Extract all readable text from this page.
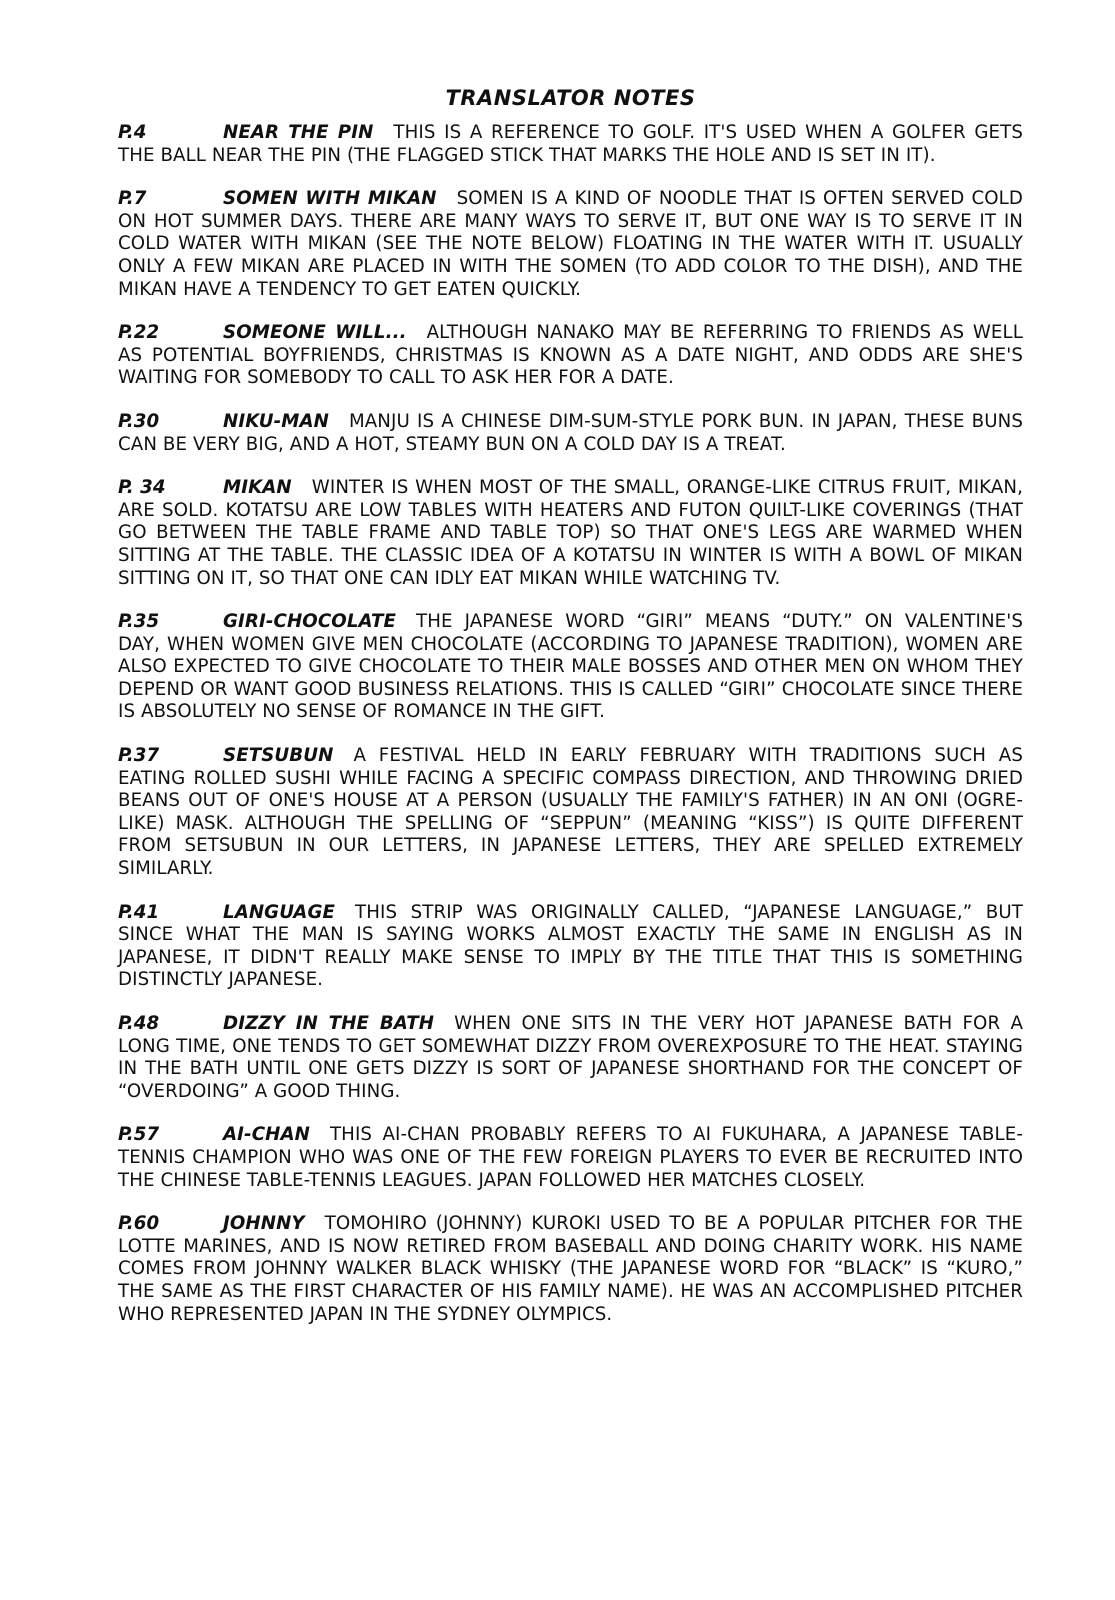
TRANSLATOR NOTES
P.4	NEAR THE PIN THIS IS A REFERENCE TO GOLF. IT'S USED WHEN A GOLFER GETS THE BALL NEAR THE PIN (THE FLAGGED STICK THAT MARKS THE HOLE AND IS SET IN IT).
P.7	SOMEN WITH MIKAN SOMEN IS A KIND OF NOODLE THAT IS OFTEN SERVED COLD ON HOT SUMMER DAYS. THERE ARE MANY WAYS TO SERVE IT, BUT ONE WAY IS TO SERVE IT IN COLD WATER WITH MIKAN (SEE THE NOTE BELOW) FLOATING IN THE WATER WITH IT. USUALLY ONLY A FEW MIKAN ARE PLACED IN WITH THE SOMEN (TO ADD COLOR TO THE DISH), AND THE MIKAN HAVE A TENDENCY TO GET EATEN QUICKLY.
P.22	SOMEONE WILL... ALTHOUGH NANAKO MAY BE REFERRING TO FRIENDS AS WELL AS POTENTIAL BOYFRIENDS, CHRISTMAS IS KNOWN AS A DATE NIGHT, AND ODDS ARE SHE'S WAITING FOR SOMEBODY TO CALL TO ASK HER FOR A DATE.
P.30	NIKU-MAN MANJU IS A CHINESE DIM-SUM-STYLE PORK BUN. IN JAPAN, THESE BUNS CAN BE VERY BIG, AND A HOT, STEAMY BUN ON A COLD DAY IS A TREAT.
P. 34	MIKAN WINTER IS WHEN MOST OF THE SMALL, ORANGE-LIKE CITRUS FRUIT, MIKAN, ARE SOLD. KOTATSU ARE LOW TABLES WITH HEATERS AND FUTON QUILT-LIKE COVERINGS (THAT GO BETWEEN THE TABLE FRAME AND TABLE TOP) SO THAT ONE'S LEGS ARE WARMED WHEN SITTING AT THE TABLE. THE CLASSIC IDEA OF A KOTATSU IN WINTER IS WITH A BOWL OF MIKAN SITTING ON IT, SO THAT ONE CAN IDLY EAT MIKAN WHILE WATCHING TV.
P.35	GIRI-CHOCOLATE THE JAPANESE WORD “GIRI” MEANS “DUTY.” ON VALENTINE'S DAY, WHEN WOMEN GIVE MEN CHOCOLATE (ACCORDING TO JAPANESE TRADITION), WOMEN ARE ALSO EXPECTED TO GIVE CHOCOLATE TO THEIR MALE BOSSES AND OTHER MEN ON WHOM THEY DEPEND OR WANT GOOD BUSINESS RELATIONS. THIS IS CALLED “GIRI” CHOCOLATE SINCE THERE IS ABSOLUTELY NO SENSE OF ROMANCE IN THE GIFT.
P.37	SETSUBUN A FESTIVAL HELD IN EARLY FEBRUARY WITH TRADITIONS SUCH AS EATING ROLLED SUSHI WHILE FACING A SPECIFIC COMPASS DIRECTION, AND THROWING DRIED BEANS OUT OF ONE'S HOUSE AT A PERSON (USUALLY THE FAMILY'S FATHER) IN AN ONI (OGRE-LIKE) MASK. ALTHOUGH THE SPELLING OF “SEPPUN” (MEANING “KISS”) IS QUITE DIFFERENT FROM SETSUBUN IN OUR LETTERS, IN JAPANESE LETTERS, THEY ARE SPELLED EXTREMELY SIMILARLY.
P.41	LANGUAGE THIS STRIP WAS ORIGINALLY CALLED, “JAPANESE LANGUAGE,” BUT SINCE WHAT THE MAN IS SAYING WORKS ALMOST EXACTLY THE SAME IN ENGLISH AS IN JAPANESE, IT DIDN'T REALLY MAKE SENSE TO IMPLY BY THE TITLE THAT THIS IS SOMETHING DISTINCTLY JAPANESE.
P.48	DIZZY IN THE BATH WHEN ONE SITS IN THE VERY HOT JAPANESE BATH FOR A LONG TIME, ONE TENDS TO GET SOMEWHAT DIZZY FROM OVEREXPOSURE TO THE HEAT. STAYING IN THE BATH UNTIL ONE GETS DIZZY IS SORT OF JAPANESE SHORTHAND FOR THE CONCEPT OF “OVERDOING” A GOOD THING.
P.57	AI-CHAN THIS AI-CHAN PROBABLY REFERS TO AI FUKUHARA, A JAPANESE TABLE-TENNIS CHAMPION WHO WAS ONE OF THE FEW FOREIGN PLAYERS TO EVER BE RECRUITED INTO THE CHINESE TABLE-TENNIS LEAGUES. JAPAN FOLLOWED HER MATCHES CLOSELY.
P.60	JOHNNY TOMOHIRO (JOHNNY) KUROKI USED TO BE A POPULAR PITCHER FOR THE LOTTE MARINES, AND IS NOW RETIRED FROM BASEBALL AND DOING CHARITY WORK. HIS NAME COMES FROM JOHNNY WALKER BLACK WHISKY (THE JAPANESE WORD FOR “BLACK” IS “KURO,” THE SAME AS THE FIRST CHARACTER OF HIS FAMILY NAME). HE WAS AN ACCOMPLISHED PITCHER WHO REPRESENTED JAPAN IN THE SYDNEY OLYMPICS.
